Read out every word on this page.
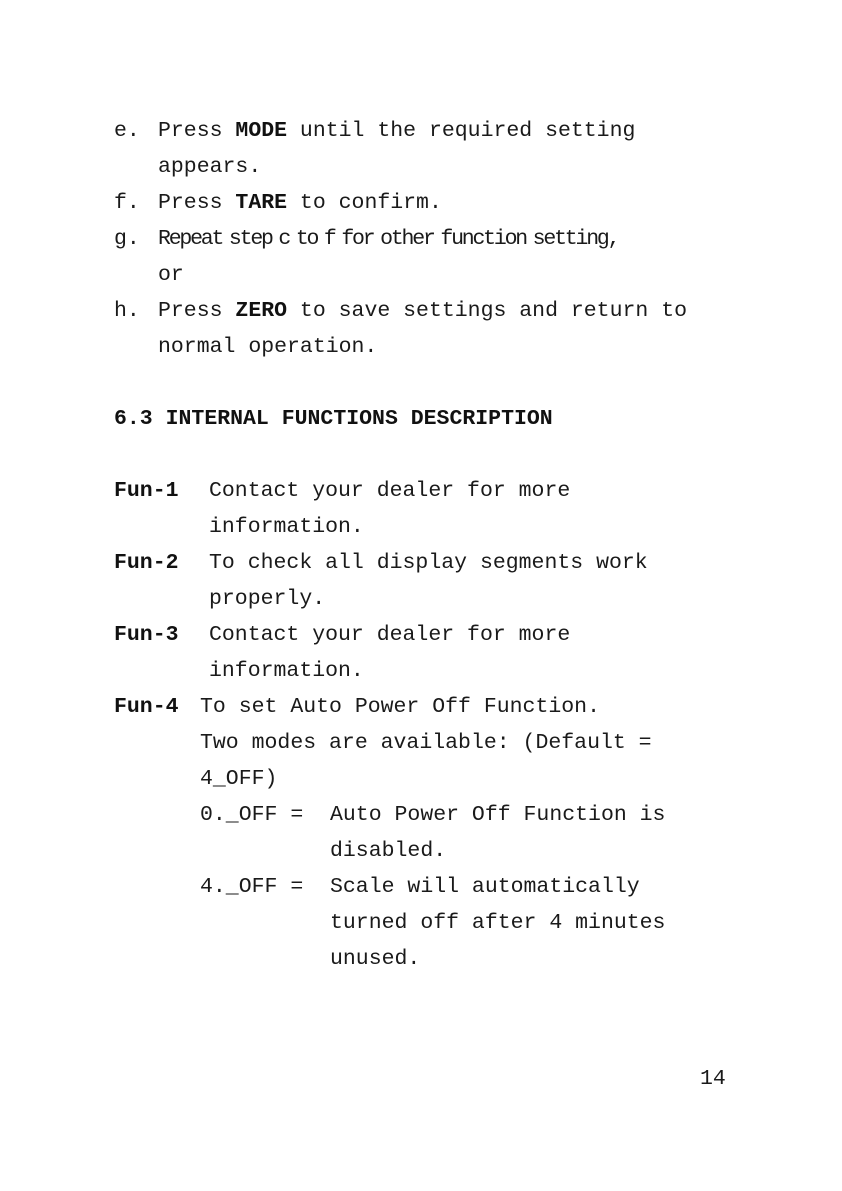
e. Press MODE until the required setting
appears.
f. Press TARE to confirm.
g. Repeat step c to f for other function setting,
or
h. Press ZERO to save settings and return to
normal operation.
6.3 INTERNAL FUNCTIONS DESCRIPTION
Fun-1 Contact your dealer for more
information.
Fun-2 To check all display segments work
properly.
Fun-3 Contact your dealer for more
information.
Fun-4 To set Auto Power Off Function.
Two modes are available: (Default =
4_OFF)
0._OFF = Auto Power Off Function is
disabled.
4._OFF = Scale will automatically
turned off after 4 minutes
unused.
14
